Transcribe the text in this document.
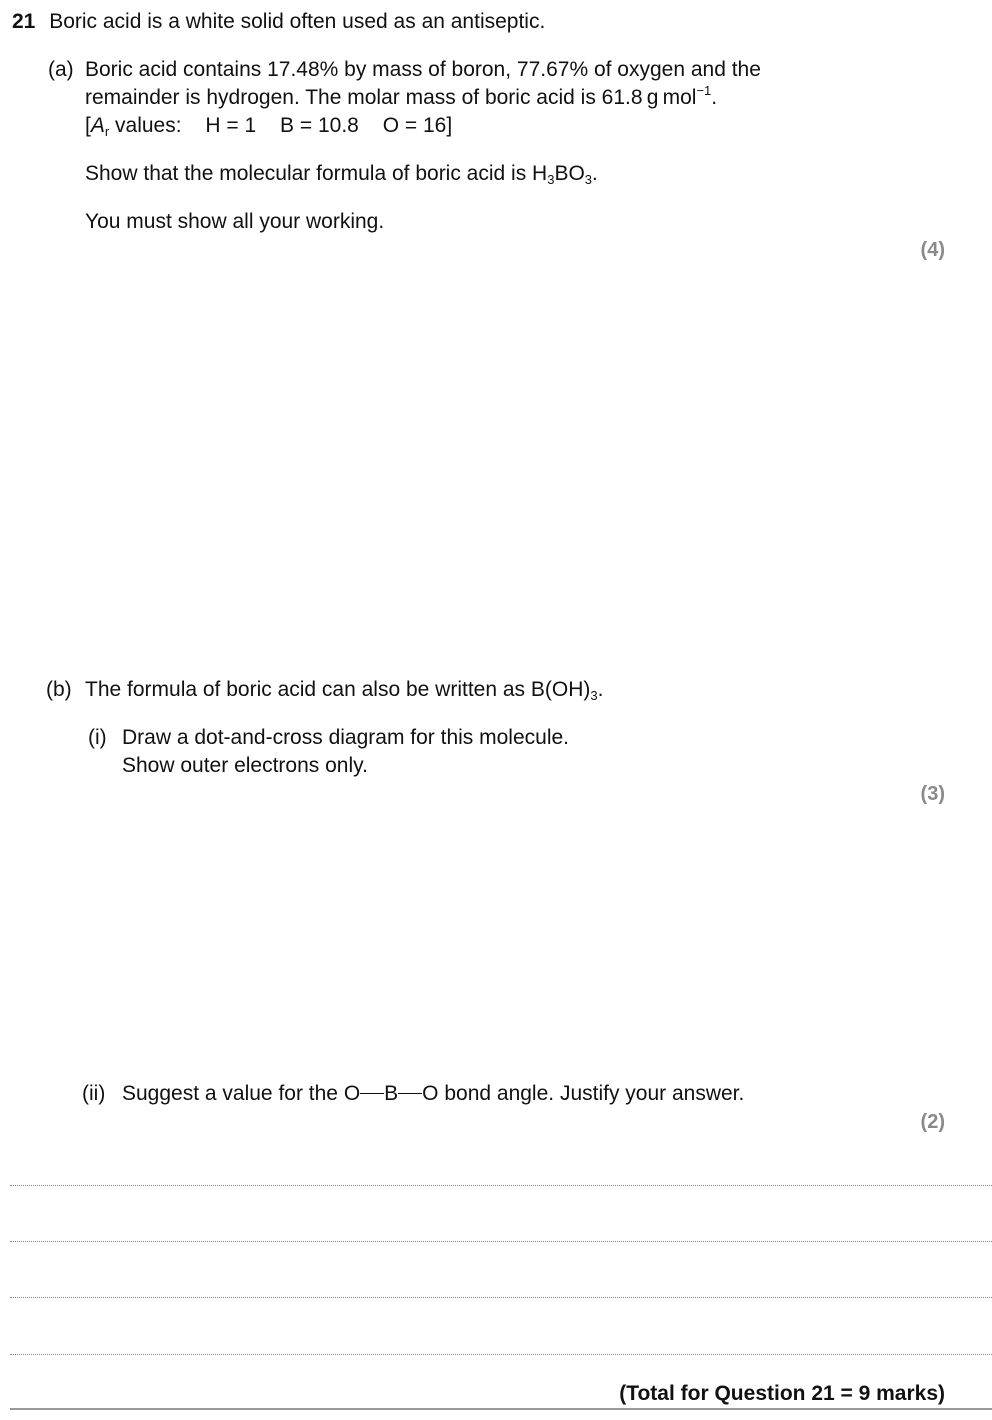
21 Boric acid is a white solid often used as an antiseptic.
(a) Boric acid contains 17.48% by mass of boron, 77.67% of oxygen and the
remainder is hydrogen. The molar mass of boric acid is 61.8 g mol$^{-1}$.
[$A_r$ values: H = 1 B = 10.8 O = 16]
Show that the molecular formula of boric acid is $H_3BO_3$.
You must show all your working.
(4)
(b) The formula of boric acid can also be written as $B(OH)_3$.
(i) Draw a dot-and-cross diagram for this molecule.
Show outer electrons only.
(3)
(ii) Suggest a value for the O B O bond angle. Justify your answer.
(2)
(Total for Question 21 = 9 marks)
